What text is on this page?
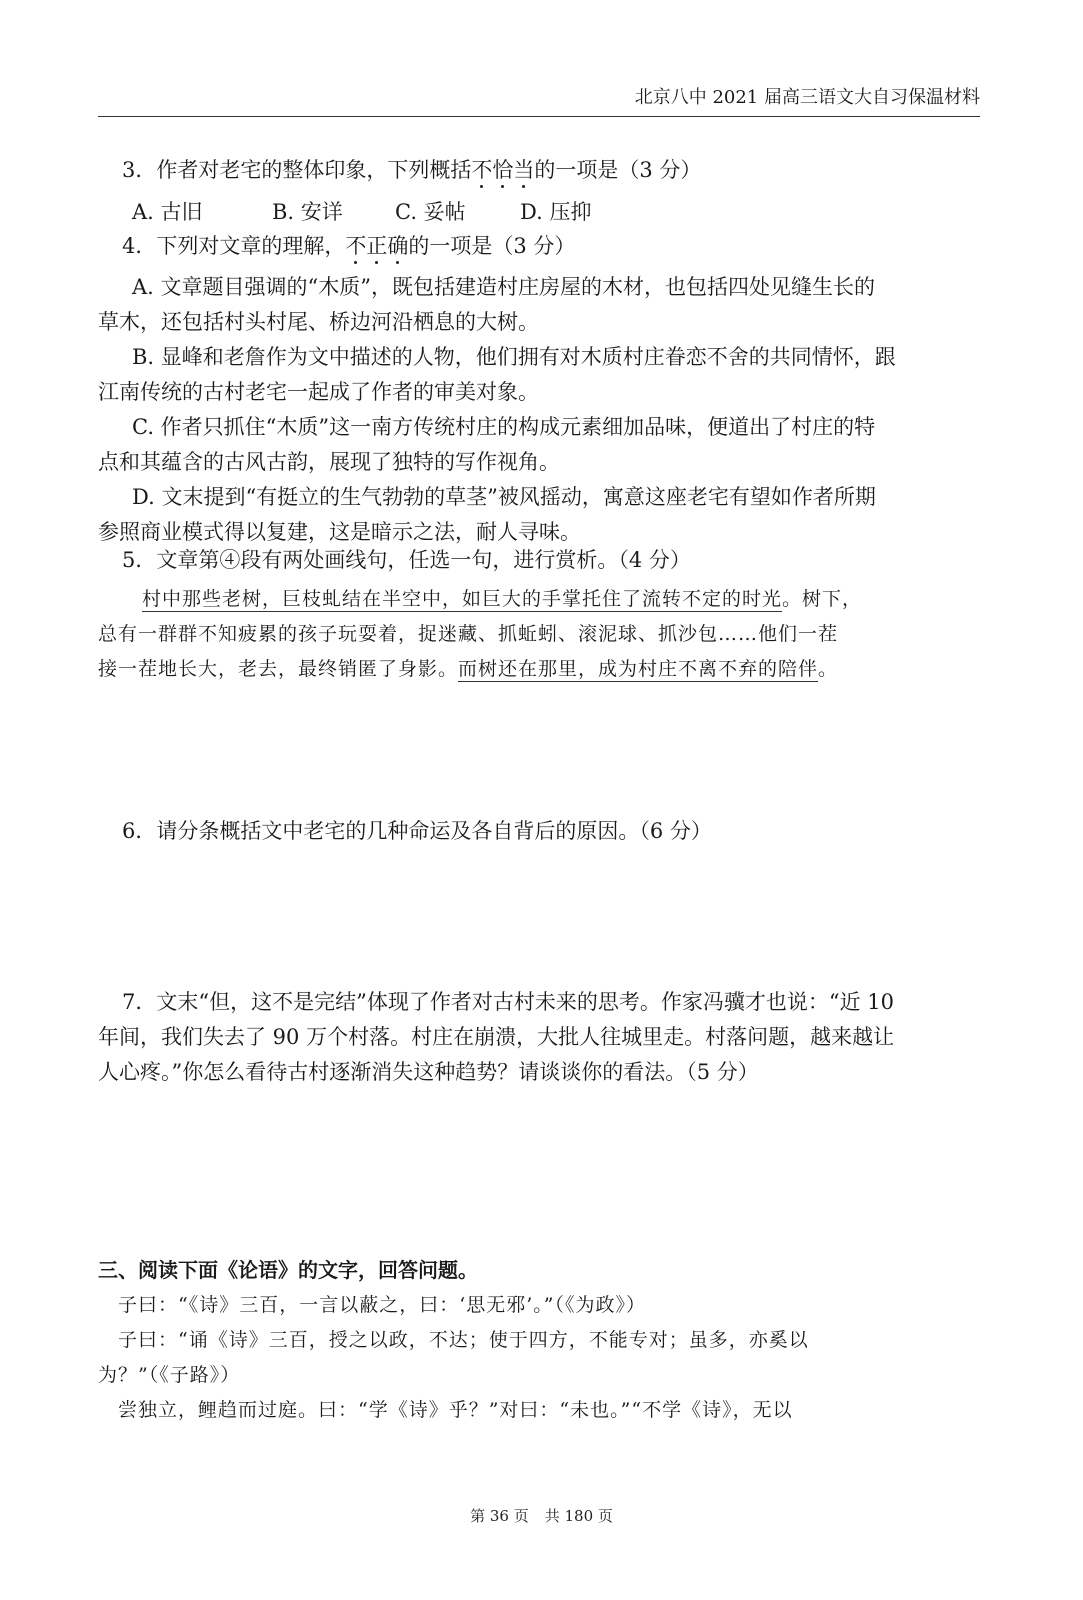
北京八中 2021 届高三语文大自习保温材料
3．作者对老宅的整体印象，下列概括不恰当的一项是（3 分）
A. 古旧	B. 安详 C. 妥帖	D. 压抑
4．下列对文章的理解，不正确的一项是（3 分）
A. 文章题目强调的“木质”，既包括建造村庄房屋的木材，也包括四处见缝生长的
草木，还包括村头村尾、桥边河沿栖息的大树。
B. 显峰和老詹作为文中描述的人物，他们拥有对木质村庄眷恋不舍的共同情怀，跟
江南传统的古村老宅一起成了作者的审美对象。
C. 作者只抓住“木质”这一南方传统村庄的构成元素细加品味，便道出了村庄的特
点和其蕴含的古风古韵，展现了独特的写作视角。
D. 文末提到“有挺立的生气勃勃的草茎”被风摇动，寓意这座老宅有望如作者所期
参照商业模式得以复建，这是暗示之法，耐人寻味。
5．文章第④段有两处画线句，任选一句，进行赏析。（4 分）
村中那些老树，巨枝虬结在半空中，如巨大的手掌托住了流转不定的时光。树下，
总有一群群不知疲累的孩子玩耍着，捉迷藏、抓蚯蚓、滚泥球、抓沙包……他们一茬
接一茬地长大，老去，最终销匿了身影。而树还在那里，成为村庄不离不弃的陪伴。
6．请分条概括文中老宅的几种命运及各自背后的原因。（6 分）
7．文末“但，这不是完结”体现了作者对古村未来的思考。作家冯骥才也说：“近 10
年间，我们失去了 90 万个村落。村庄在崩溃，大批人往城里走。村落问题，越来越让
人心疼。”你怎么看待古村逐渐消失这种趋势？请谈谈你的看法。（5 分）
三、阅读下面《论语》的文字，回答问题。
子曰：“《诗》三百，一言以蔽之，曰：‘思无邪’。”（《为政》）
子曰：“诵《诗》三百，授之以政，不达；使于四方，不能专对；虽多，亦奚以
为？”（《子路》）
尝独立，鲤趋而过庭。曰：“学《诗》乎？”对曰：“未也。”“不学《诗》，无以
第 36 页 共 180 页
